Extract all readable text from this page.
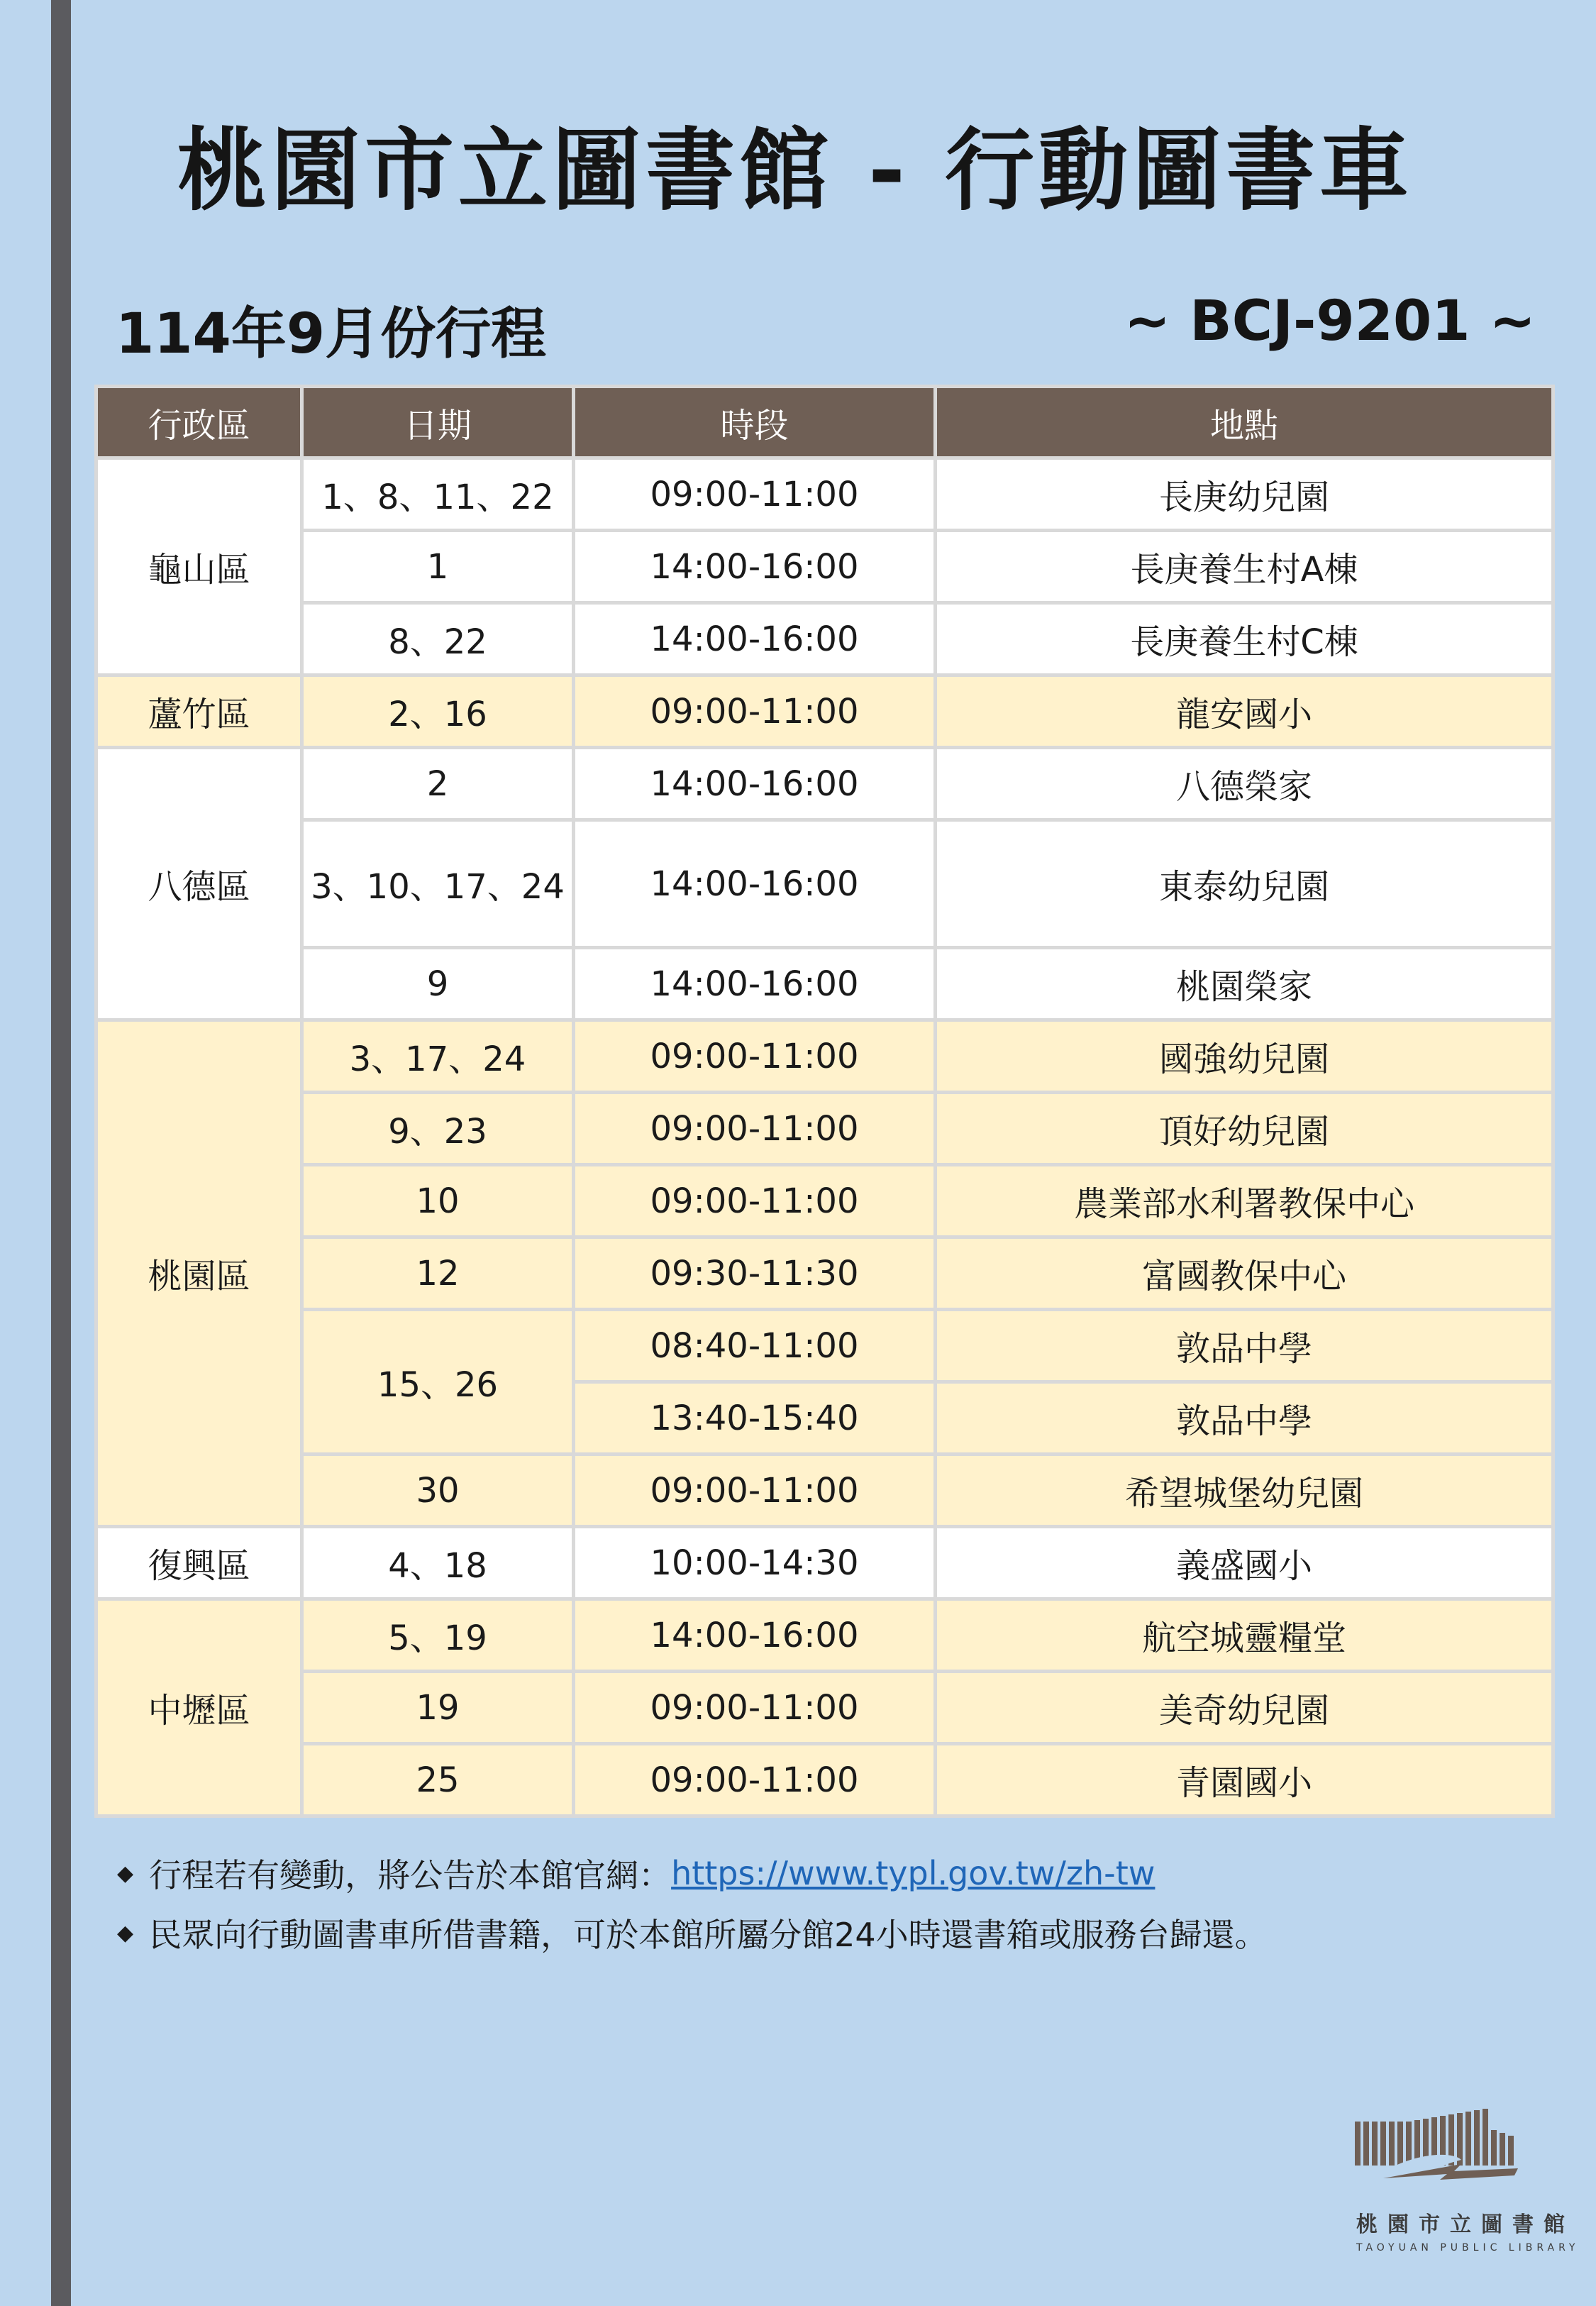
桃園市立圖書館 - 行動圖書車
114年9月份行程	~ BCJ-9201 ~
行政區	日期	時段	地點
龜山區	1、8、11、22	09:00-11:00	長庚幼兒園
	1	14:00-16:00	長庚養生村A棟
	8、22	14:00-16:00	長庚養生村C棟
蘆竹區	2、16	09:00-11:00	龍安國小
八德區	2	14:00-16:00	八德榮家
	3、10、17、24	14:00-16:00	東泰幼兒園
	9	14:00-16:00	桃園榮家
桃園區	3、17、24	09:00-11:00	國強幼兒園
	9、23	09:00-11:00	頂好幼兒園
	10	09:00-11:00	農業部水利署教保中心
	12	09:30-11:30	富國教保中心
	15、26	08:40-11:00	敦品中學
		13:40-15:40	敦品中學
	30	09:00-11:00	希望城堡幼兒園
復興區	4、18	10:00-14:30	義盛國小
中壢區	5、19	14:00-16:00	航空城靈糧堂
	19	09:00-11:00	美奇幼兒園
	25	09:00-11:00	青園國小
◆ 行程若有變動，將公告於本館官網： https://www.typl.gov.tw/zh-tw
◆ 民眾向行動圖書車所借書籍，可於本館所屬分館24小時還書箱或服務台歸還。
桃園市立圖書館
TAOYUAN PUBLIC LIBRARY
